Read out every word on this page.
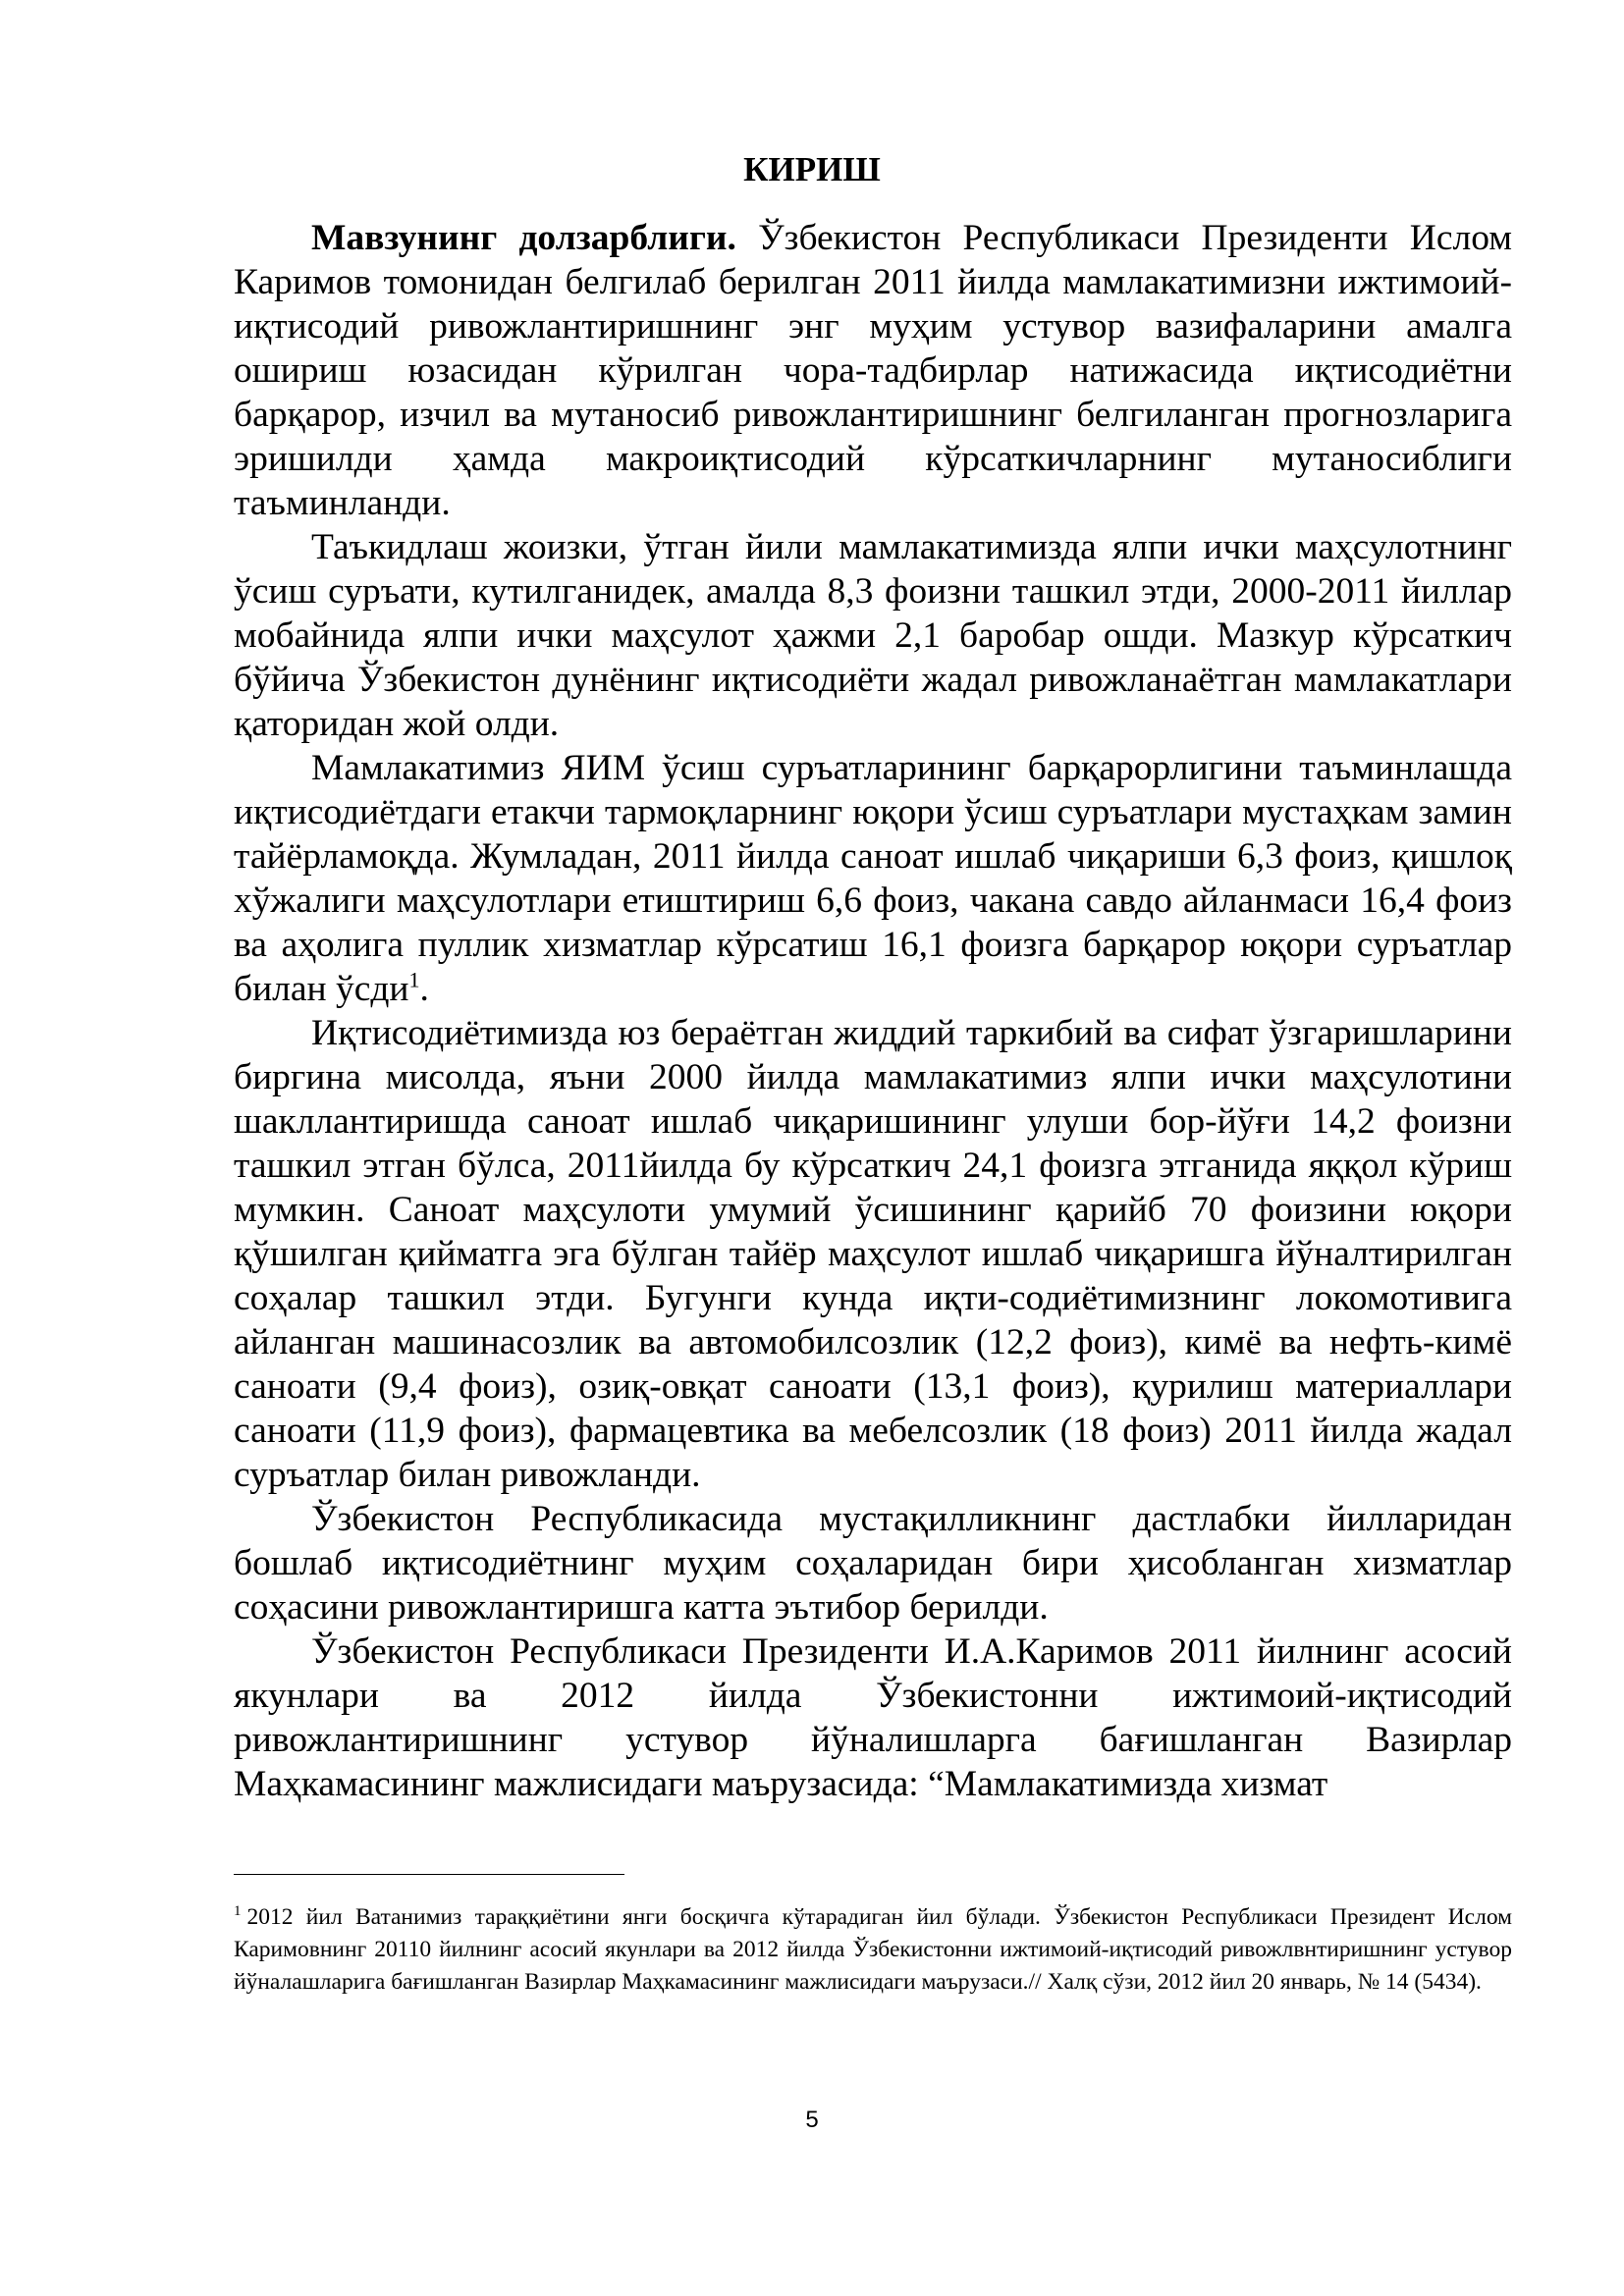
КИРИШ

Мавзунинг долзарблиги. Ўзбекистон Республикаси Президенти Ислом Каримов томонидан белгилаб берилган 2011 йилда мамлакатимизни ижтимоий-иқтисодий ривожлантиришнинг энг муҳим устувор вазифаларини амалга ошириш юзасидан кўрилган чора-тадбирлар натижасида иқтисодиётни барқарор, изчил ва мутаносиб ривожлантиришнинг белгиланган прогнозларига эришилди ҳамда макроиқтисодий кўрсаткичларнинг мутаносиблиги таъминланди.

Таъкидлаш жоизки, ўтган йили мамлакатимизда ялпи ички маҳсулотнинг ўсиш суръати, кутилганидек, амалда 8,3 фоизни ташкил этди, 2000-2011 йиллар мобайнида ялпи ички маҳсулот ҳажми 2,1 баробар ошди. Мазкур кўрсаткич бўйича Ўзбекистон дунёнинг иқтисодиёти жадал ривожланаётган мамлакатлари қаторидан жой олди.

Мамлакатимиз ЯИМ ўсиш суръатларининг барқарорлигини таъминлашда иқтисодиётдаги етакчи тармоқларнинг юқори ўсиш суръатлари мустаҳкам замин тайёрламоқда. Жумладан, 2011 йилда саноат ишлаб чиқариши 6,3 фоиз, қишлоқ хўжалиги маҳсулотлари етиштириш 6,6 фоиз, чакана савдо айланмаси 16,4 фоиз ва аҳолига пуллик хизматлар кўрсатиш 16,1 фоизга барқарор юқори суръатлар билан ўсди$^1$.

Иқтисодиётимизда юз бераётган жиддий таркибий ва сифат ўзгаришларини биргина мисолда, яъни 2000 йилда мамлакатимиз ялпи ички маҳсулотини шакллантиришда саноат ишлаб чиқаришининг улуши бор-йўғи 14,2 фоизни ташкил этган бўлса, 2011йилда бу кўрсаткич 24,1 фоизга этганида яққол кўриш мумкин. Саноат маҳсулоти умумий ўсишининг қарийб 70 фоизини юқори қўшилган қийматга эга бўлган тайёр маҳсулот ишлаб чиқаришга йўналтирилган соҳалар ташкил этди. Бугунги кунда иқти-содиётимизнинг локомотивига айланган машинасозлик ва автомобилсозлик (12,2 фоиз), кимё ва нефть-кимё саноати (9,4 фоиз), озиқ-овқат саноати (13,1 фоиз), қурилиш материаллари саноати (11,9 фоиз), фармацевтика ва мебелсозлик (18 фоиз) 2011 йилда жадал суръатлар билан ривожланди.

Ўзбекистон Республикасида мустақилликнинг дастлабки йилларидан бошлаб иқтисодиётнинг муҳим соҳаларидан бири ҳисобланган хизматлар соҳасини ривожлантиришга катта эътибор берилди.

Ўзбекистон Республикаси Президенти И.А.Каримов 2011 йилнинг асосий якунлари ва 2012 йилда Ўзбекистонни ижтимоий-иқтисодий ривожлантиришнинг устувор йўналишларга бағишланган Вазирлар Маҳкамасининг мажлисидаги маърузасида: “Мамлакатимизда хизмат

$^1$ 2012 йил Ватанимиз тараққиётини янги босқичга кўтарадиган йил бўлади. Ўзбекистон Республикаси Президент Ислом Каримовнинг 20110 йилнинг асосий якунлари ва 2012 йилда Ўзбекистонни ижтимоий-иқтисодий ривожлвнтиришнинг устувор йўналашларига бағишланган Вазирлар Маҳкамасининг мажлисидаги маърузаси.// Халқ сўзи, 2012 йил 20 январь, № 14 (5434).

5
